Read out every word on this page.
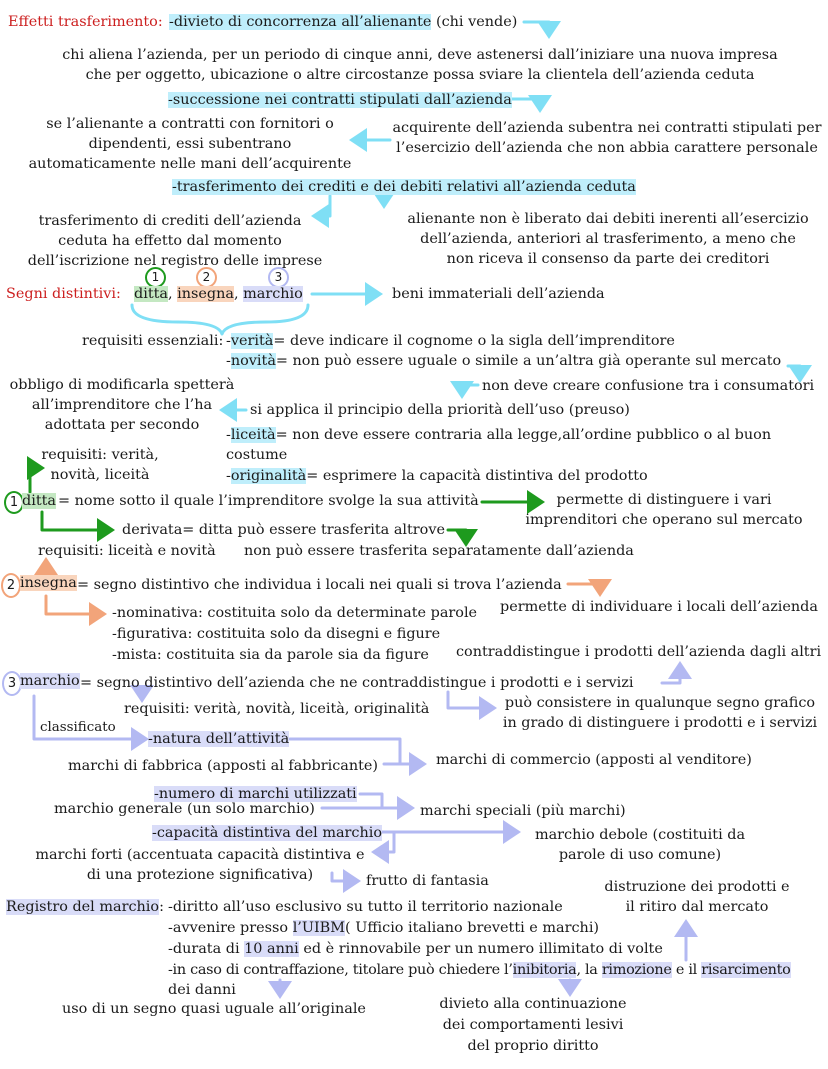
Effetti trasferimento: -divieto di concorrenza all’alienante (chi vende)
chi aliena l’azienda, per un periodo di cinque anni, deve astenersi dall’iniziare una nuova impresa
che per oggetto, ubicazione o altre circostanze possa sviare la clientela dell’azienda ceduta
-successione nei contratti stipulati dall’azienda
se l’alienante a contratti con fornitori o
dipendenti, essi subentrano
automaticamente nelle mani dell’acquirente
acquirente dell’azienda subentra nei contratti stipulati per
l’esercizio dell’azienda che non abbia carattere personale
-trasferimento dei crediti e dei debiti relativi all’azienda ceduta
trasferimento di crediti dell’azienda
ceduta ha effetto dal momento
dell’iscrizione nel registro delle imprese
alienante non è liberato dai debiti inerenti all’esercizio
dell’azienda, anteriori al trasferimento, a meno che
non riceva il consenso da parte dei creditori
1	2	3
Segni distintivi: ditta, insegna, marchio	beni immateriali dell’azienda
requisiti essenziali: -verità= deve indicare il cognome o la sigla dell’imprenditore
-novità= non può essere uguale o simile a un’altra già operante sul mercato
non deve creare confusione tra i consumatori
obbligo di modificarla spetterà
all’imprenditore che l’ha
adottata per secondo
si applica il principio della priorità dell’uso (preuso)
-liceità= non deve essere contraria alla legge,all’ordine pubblico o al buon
costume
-originalità= esprimere la capacità distintiva del prodotto
requisiti: verità,
novità, liceità
1 ditta = nome sotto il quale l’imprenditore svolge la sua attività	permette di distinguere i vari
imprenditori che operano sul mercato
derivata= ditta può essere trasferita altrove
requisiti: liceità e novità non può essere trasferita separatamente dall’azienda
2 insegna = segno distintivo che individua i locali nei quali si trova l’azienda
permette di individuare i locali dell’azienda
-nominativa: costituita solo da determinate parole
-figurativa: costituita solo da disegni e figure
-mista: costituita sia da parole sia da figure contraddistingue i prodotti dell’azienda dagli altri
3 marchio = segno distintivo dell’azienda che ne contraddistingue i prodotti e i servizi
requisiti: verità, novità, liceità, originalità	può consistere in qualunque segno grafico
in grado di distinguere i prodotti e i servizi
classificato
-natura dell’attività
marchi di fabbrica (apposti al fabbricante)	marchi di commercio (apposti al venditore)
-numero di marchi utilizzati
marchio generale (un solo marchio)	marchi speciali (più marchi)
-capacità distintiva del marchio	marchio debole (costituiti da
parole di uso comune)
marchi forti (accentuata capacità distintiva e
di una protezione significativa)	frutto di fantasia	distruzione dei prodotti e
il ritiro dal mercato
Registro del marchio: -diritto all’uso esclusivo su tutto il territorio nazionale
-avvenire presso l’UIBM( Ufficio italiano brevetti e marchi)
-durata di 10 anni ed è rinnovabile per un numero illimitato di volte
-in caso di contraffazione, titolare può chiedere l’inibitoria, la rimozione e il risarcimento
dei danni
uso di un segno quasi uguale all’originale	divieto alla continuazione
dei comportamenti lesivi
del proprio diritto
